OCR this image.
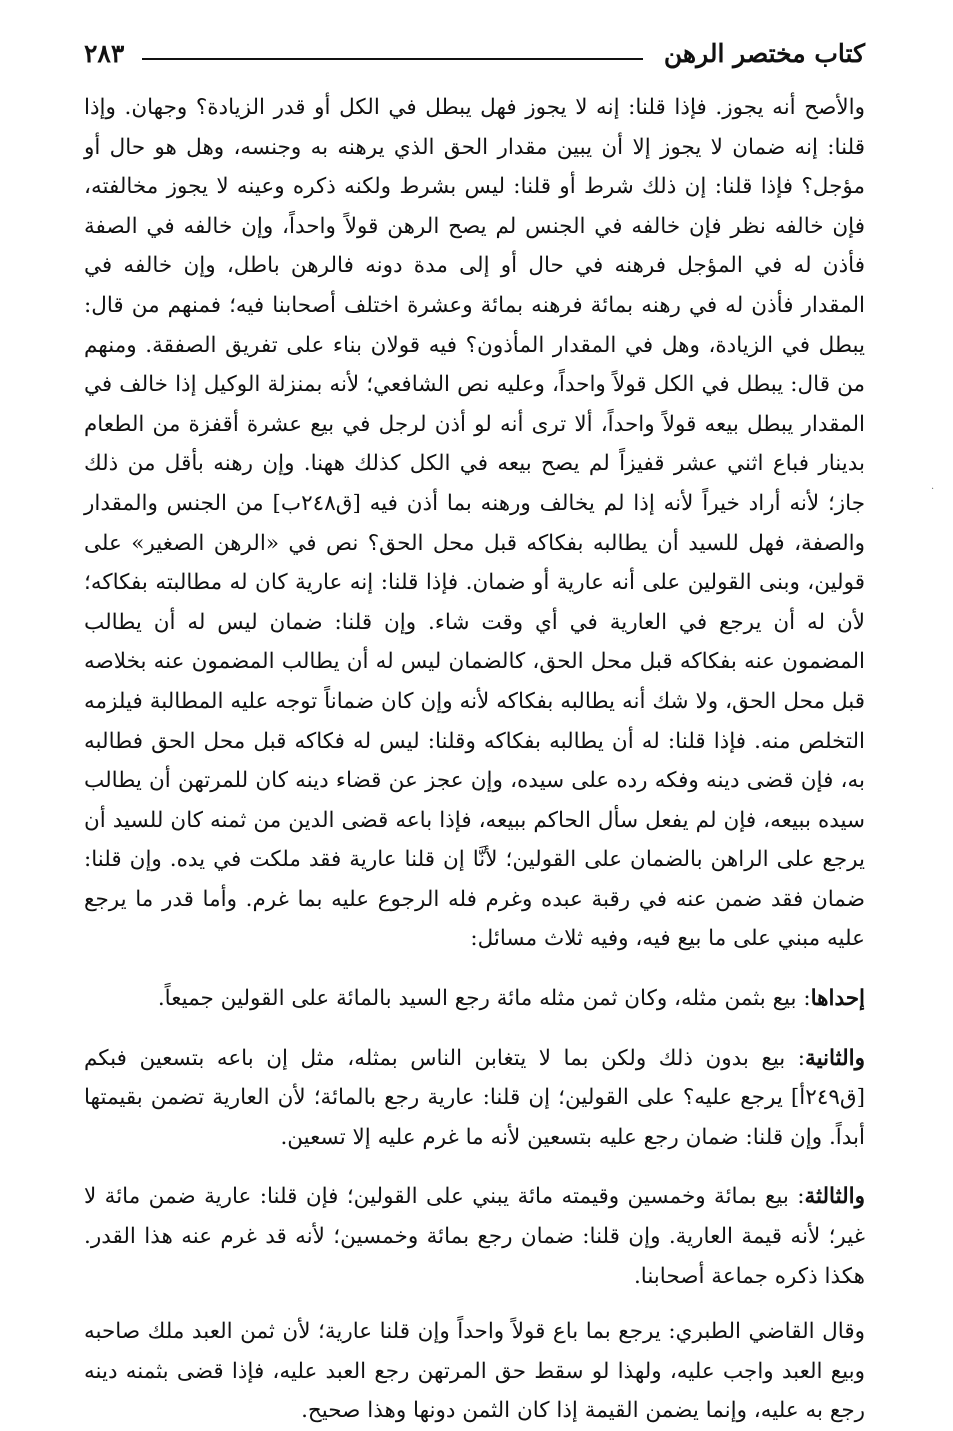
كتاب مختصر الرهن
٢٨٣

والأصح أنه يجوز. فإذا قلنا: إنه لا يجوز فهل يبطل في الكل أو قدر الزيادة؟ وجهان. وإذا قلنا: إنه ضمان لا يجوز إلا أن يبين مقدار الحق الذي يرهنه به وجنسه، وهل هو حال أو مؤجل؟ فإذا قلنا: إن ذلك شرط أو قلنا: ليس بشرط ولكنه ذكره وعينه لا يجوز مخالفته، فإن خالفه نظر فإن خالفه في الجنس لم يصح الرهن قولاً واحداً، وإن خالفه في الصفة فأذن له في المؤجل فرهنه في حال أو إلى مدة دونه فالرهن باطل، وإن خالفه في المقدار فأذن له في رهنه بمائة فرهنه بمائة وعشرة اختلف أصحابنا فيه؛ فمنهم من قال: يبطل في الزيادة، وهل في المقدار المأذون؟ فيه قولان بناء على تفريق الصفقة. ومنهم من قال: يبطل في الكل قولاً واحداً، وعليه نص الشافعي؛ لأنه بمنزلة الوكيل إذا خالف في المقدار يبطل بيعه قولاً واحداً، ألا ترى أنه لو أذن لرجل في بيع عشرة أقفزة من الطعام بدينار فباع اثني عشر قفيزاً لم يصح بيعه في الكل كذلك ههنا. وإن رهنه بأقل من ذلك جاز؛ لأنه أراد خيراً لأنه إذا لم يخالف ورهنه بما أذن فيه [ق٢٤٨ب] من الجنس والمقدار والصفة، فهل للسيد أن يطالبه بفكاكه قبل محل الحق؟ نص في «الرهن الصغير» على قولين، وبنى القولين على أنه عارية أو ضمان. فإذا قلنا: إنه عارية كان له مطالبته بفكاكه؛ لأن له أن يرجع في العارية في أي وقت شاء. وإن قلنا: ضمان ليس له أن يطالب المضمون عنه بفكاكه قبل محل الحق، كالضمان ليس له أن يطالب المضمون عنه بخلاصه قبل محل الحق، ولا شك أنه يطالبه بفكاكه لأنه وإن كان ضماناً توجه عليه المطالبة فيلزمه التخلص منه. فإذا قلنا: له أن يطالبه بفكاكه وقلنا: ليس له فكاكه قبل محل الحق فطالبه به، فإن قضى دينه وفكه رده على سيده، وإن عجز عن قضاء دينه كان للمرتهن أن يطالب سيده ببيعه، فإن لم يفعل سأل الحاكم ببيعه، فإذا باعه قضى الدين من ثمنه كان للسيد أن يرجع على الراهن بالضمان على القولين؛ لأنَّا إن قلنا عارية فقد ملكت في يده. وإن قلنا: ضمان فقد ضمن عنه في رقبة عبده وغرم فله الرجوع عليه بما غرم. وأما قدر ما يرجع عليه مبني على ما بيع فيه، وفيه ثلاث مسائل:

إحداها: بيع بثمن مثله، وكان ثمن مثله مائة رجع السيد بالمائة على القولين جميعاً.

والثانية: بيع بدون ذلك ولكن بما لا يتغابن الناس بمثله، مثل إن باعه بتسعين فبكم [ق٢٤٩أ] يرجع عليه؟ على القولين؛ إن قلنا: عارية رجع بالمائة؛ لأن العارية تضمن بقيمتها أبداً. وإن قلنا: ضمان رجع عليه بتسعين لأنه ما غرم عليه إلا تسعين.

والثالثة: بيع بمائة وخمسين وقيمته مائة يبني على القولين؛ فإن قلنا: عارية ضمن مائة لا غير؛ لأنه قيمة العارية. وإن قلنا: ضمان رجع بمائة وخمسين؛ لأنه قد غرم عنه هذا القدر. هكذا ذكره جماعة أصحابنا.

وقال القاضي الطبري: يرجع بما باع قولاً واحداً وإن قلنا عارية؛ لأن ثمن العبد ملك صاحبه وبيع العبد واجب عليه، ولهذا لو سقط حق المرتهن رجع العبد عليه، فإذا قضى بثمنه دينه رجع به عليه، وإنما يضمن القيمة إذا كان الثمن دونها وهذا صحيح.

·
